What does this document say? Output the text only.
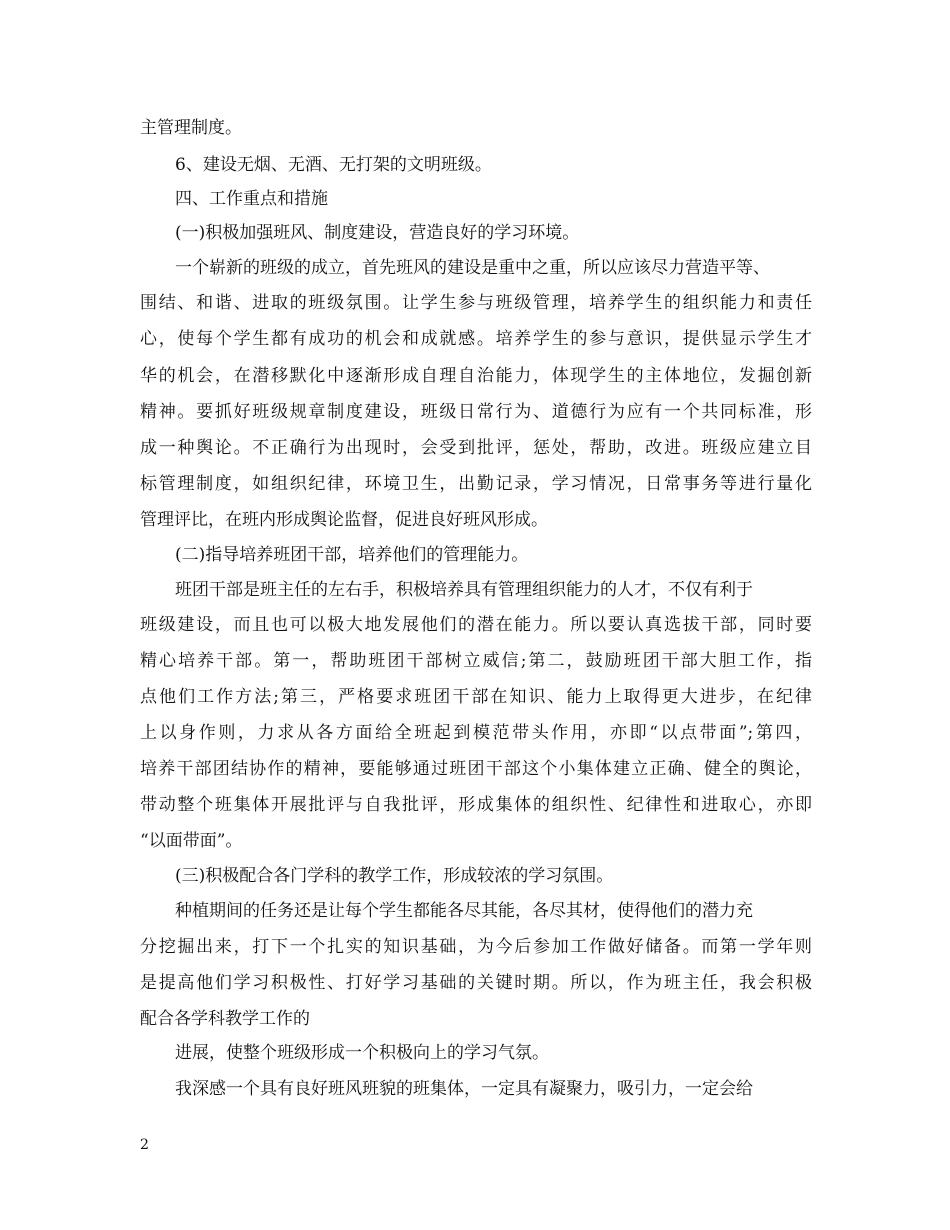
主管理制度。
6、建设无烟、无酒、无打架的文明班级。
四、工作重点和措施
(一)积极加强班风、制度建设，营造良好的学习环境。
一个崭新的班级的成立，首先班风的建设是重中之重，所以应该尽力营造平等、
围结、和谐、进取的班级氛围。让学生参与班级管理，培养学生的组织能力和责任
心，使每个学生都有成功的机会和成就感。培养学生的参与意识，提供显示学生才
华的机会，在潜移默化中逐渐形成自理自治能力，体现学生的主体地位，发掘创新
精神。要抓好班级规章制度建设，班级日常行为、道德行为应有一个共同标准，形
成一种舆论。不正确行为出现时，会受到批评，惩处，帮助，改进。班级应建立目
标管理制度，如组织纪律，环境卫生，出勤记录，学习情况，日常事务等进行量化
管理评比，在班内形成舆论监督，促进良好班风形成。
(二)指导培养班团干部，培养他们的管理能力。
班团干部是班主任的左右手，积极培养具有管理组织能力的人才，不仅有利于
班级建设，而且也可以极大地发展他们的潜在能力。所以要认真选拔干部，同时要
精心培养干部。第一，帮助班团干部树立威信;第二，鼓励班团干部大胆工作，指
点他们工作方法;第三，严格要求班团干部在知识、能力上取得更大进步，在纪律
上以身作则，力求从各方面给全班起到模范带头作用，亦即“以点带面”;第四，
培养干部团结协作的精神，要能够通过班团干部这个小集体建立正确、健全的舆论，
带动整个班集体开展批评与自我批评，形成集体的组织性、纪律性和进取心，亦即
“以面带面”。
(三)积极配合各门学科的教学工作，形成较浓的学习氛围。
种植期间的任务还是让每个学生都能各尽其能，各尽其材，使得他们的潜力充
分挖掘出来，打下一个扎实的知识基础，为今后参加工作做好储备。而第一学年则
是提高他们学习积极性、打好学习基础的关键时期。所以，作为班主任，我会积极
配合各学科教学工作的
进展，使整个班级形成一个积极向上的学习气氛。
我深感一个具有良好班风班貌的班集体，一定具有凝聚力，吸引力，一定会给
2
